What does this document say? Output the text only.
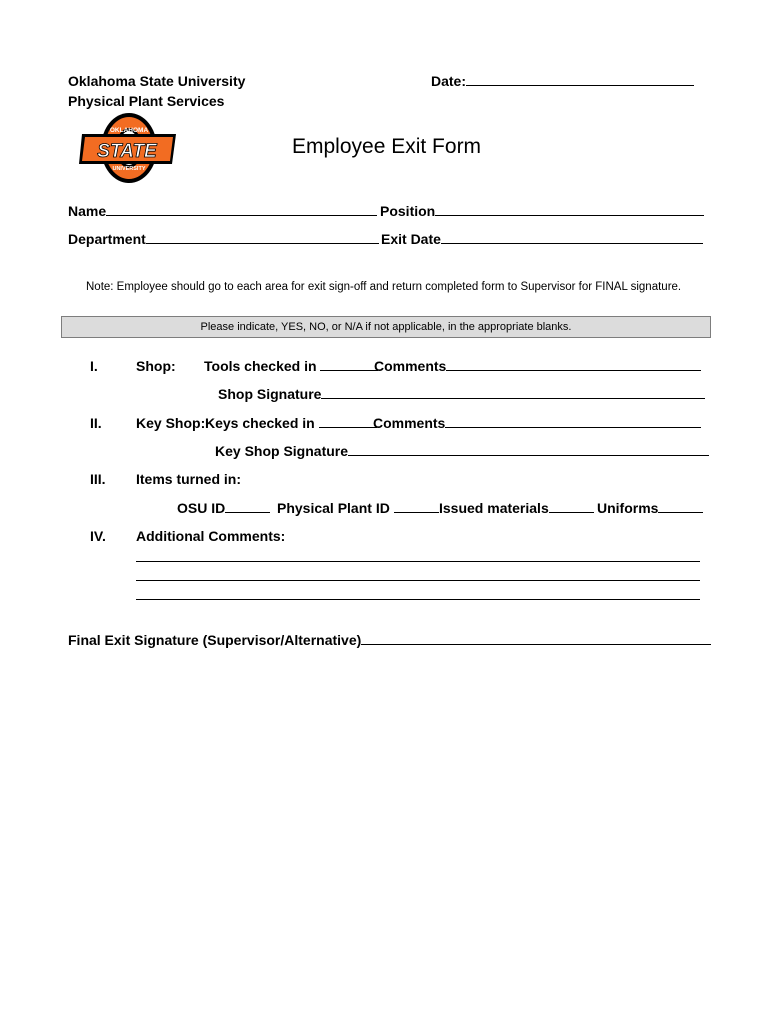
Oklahoma State University
Physical Plant Services
Date:
OKLAHOMA
STATE
UNIVERSITY
Employee Exit Form
Name	Position
Department	Exit Date
Note: Employee should go to each area for exit sign-off and return completed form to Supervisor for FINAL signature.
Please indicate, YES, NO, or N/A if not applicable, in the appropriate blanks.
I.	Shop: Tools checked in	Comments
Shop Signature
II. Key Shop: Keys checked in	Comments
Key Shop Signature
III. Items turned in:
OSU ID	Physical Plant ID	Issued materials	Uniforms
IV. Additional Comments:
Final Exit Signature (Supervisor/Alternative)
